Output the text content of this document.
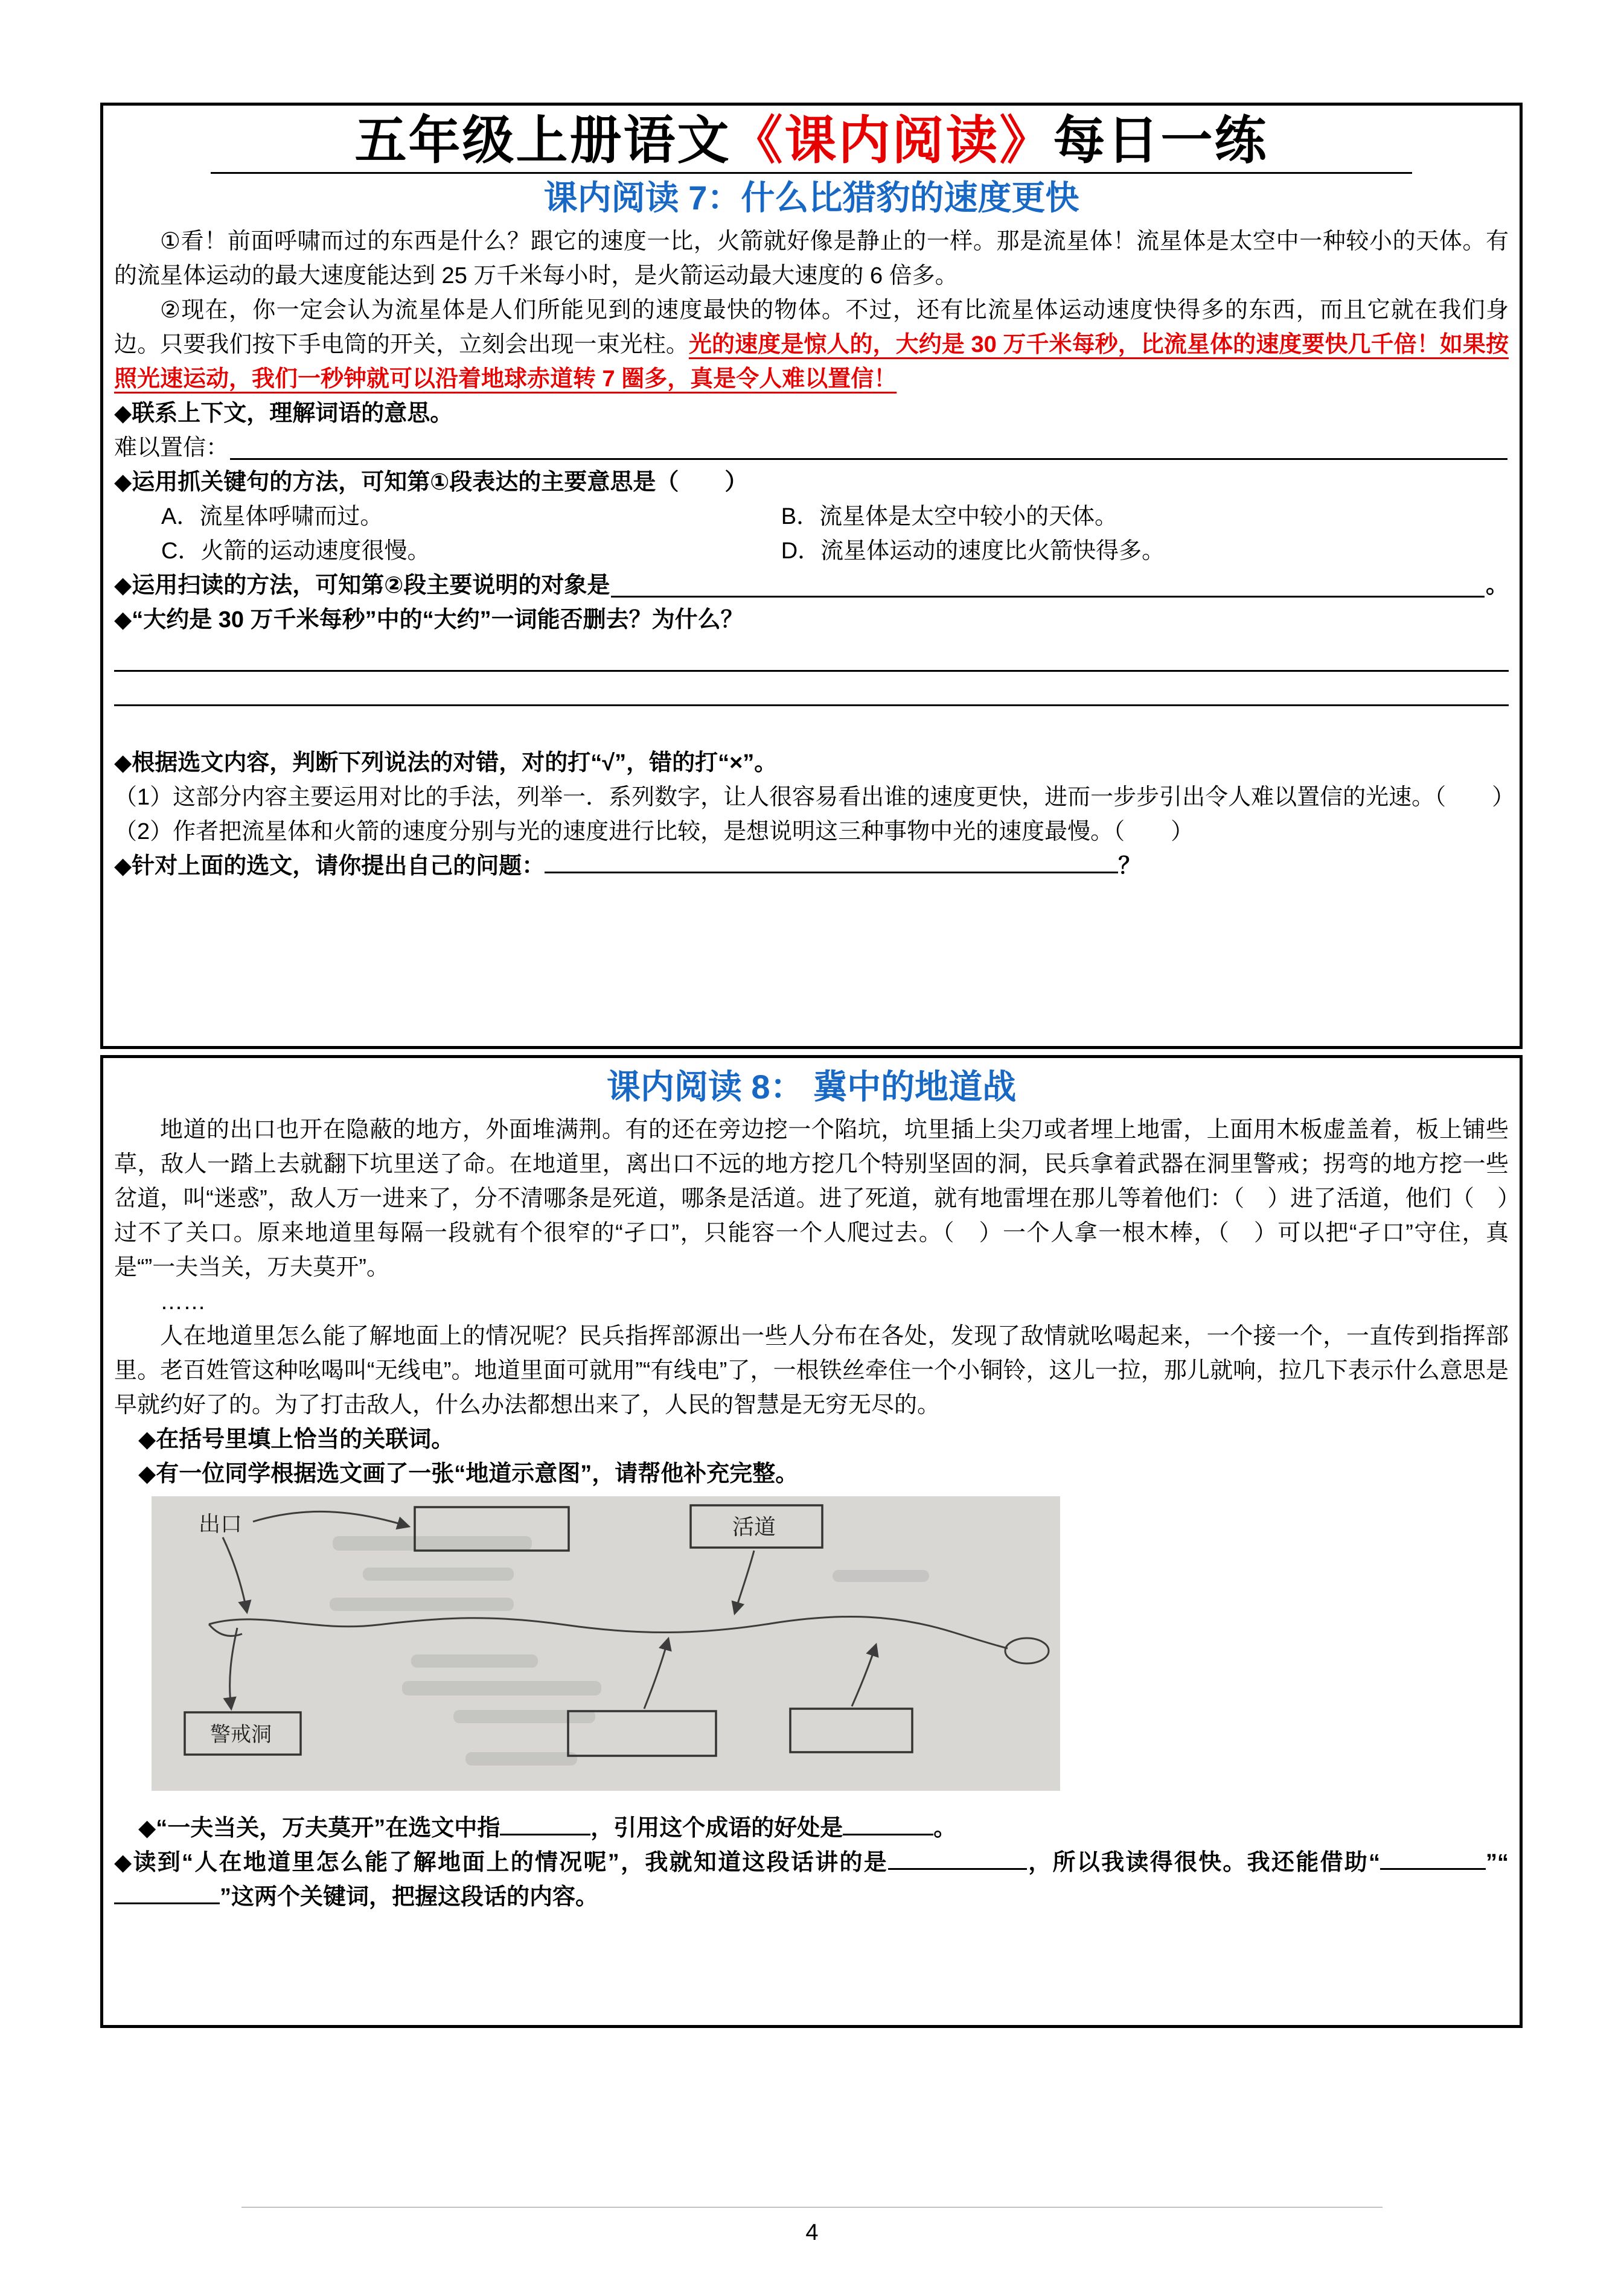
五年级上册语文《课内阅读》每日一练
课内阅读 7：什么比猎豹的速度更快

①看！前面呼啸而过的东西是什么？跟它的速度一比，火箭就好像是静止的一样。那是流星体！流星体是太空中一种较小的天体。有的流星体运动的最大速度能达到 25 万千米每小时，是火箭运动最大速度的 6 倍多。

②现在，你一定会认为流星体是人们所能见到的速度最快的物体。不过，还有比流星体运动速度快得多的东西，而且它就在我们身边。只要我们按下手电筒的开关，立刻会出现一束光柱。光的速度是惊人的，大约是 30 万千米每秒，比流星体的速度要快几千倍！如果按照光速运动，我们一秒钟就可以沿着地球赤道转 7 圈多，真是令人难以置信！

◆联系上下文，理解词语的意思。

难以置信：

◆运用抓关键句的方法，可知第①段表达的主要意思是（　　）

A．流星体呼啸而过。	B．流星体是太空中较小的天体。
C．火箭的运动速度很慢。	D．流星体运动的速度比火箭快得多。
◆运用扫读的方法，可知第②段主要说明的对象是	。

◆“大约是 30 万千米每秒”中的“大约”一词能否删去？为什么？

◆根据选文内容，判断下列说法的对错，对的打“√”，错的打“×”。

（1）这部分内容主要运用对比的手法，列举一．系列数字，让人很容易看出谁的速度更快，进而一步步引出令人难以置信的光速。（　　）

（2）作者把流星体和火箭的速度分别与光的速度进行比较，是想说明这三种事物中光的速度最慢。（　　）

◆针对上面的选文，请你提出自己的问题：	？

课内阅读 8： 冀中的地道战

地道的出口也开在隐蔽的地方，外面堆满荆。有的还在旁边挖一个陷坑，坑里插上尖刀或者埋上地雷，上面用木板虚盖着，板上铺些草，敌人一踏上去就翻下坑里送了命。在地道里，离出口不远的地方挖几个特别坚固的洞，民兵拿着武器在洞里警戒；拐弯的地方挖一些岔道，叫“迷惑”，敌人万一进来了，分不清哪条是死道，哪条是活道。进了死道，就有地雷埋在那儿等着他们：（　）进了活道，他们（　）过不了关口。原来地道里每隔一段就有个很窄的“孑口”，只能容一个人爬过去。（　）一个人拿一根木棒，（　）可以把“孑口”守住，真是“”一夫当关，万夫莫开”。

……

人在地道里怎么能了解地面上的情况呢？民兵指挥部源出一些人分布在各处，发现了敌情就吆喝起来，一个接一个，一直传到指挥部里。老百姓管这种吆喝叫“无线电”。地道里面可就用”“有线电”了，一根铁丝牵住一个小铜铃，这儿一拉，那儿就响，拉几下表示什么意思是早就约好了的。为了打击敌人，什么办法都想出来了，人民的智慧是无穷无尽的。

◆在括号里填上恰当的关联词。

◆有一位同学根据选文画了一张“地道示意图”，请帮他补充完整。

出口	活道
警戒洞

◆“一夫当关，万夫莫开”在选文中指	，引用这个成语的好处是	。

◆读到“人在地道里怎么能了解地面上的情况呢”，我就知道这段话讲的是	，所以我读得很快。我还能借助“	”“”这两个关键词，把握这段话的内容。

4
